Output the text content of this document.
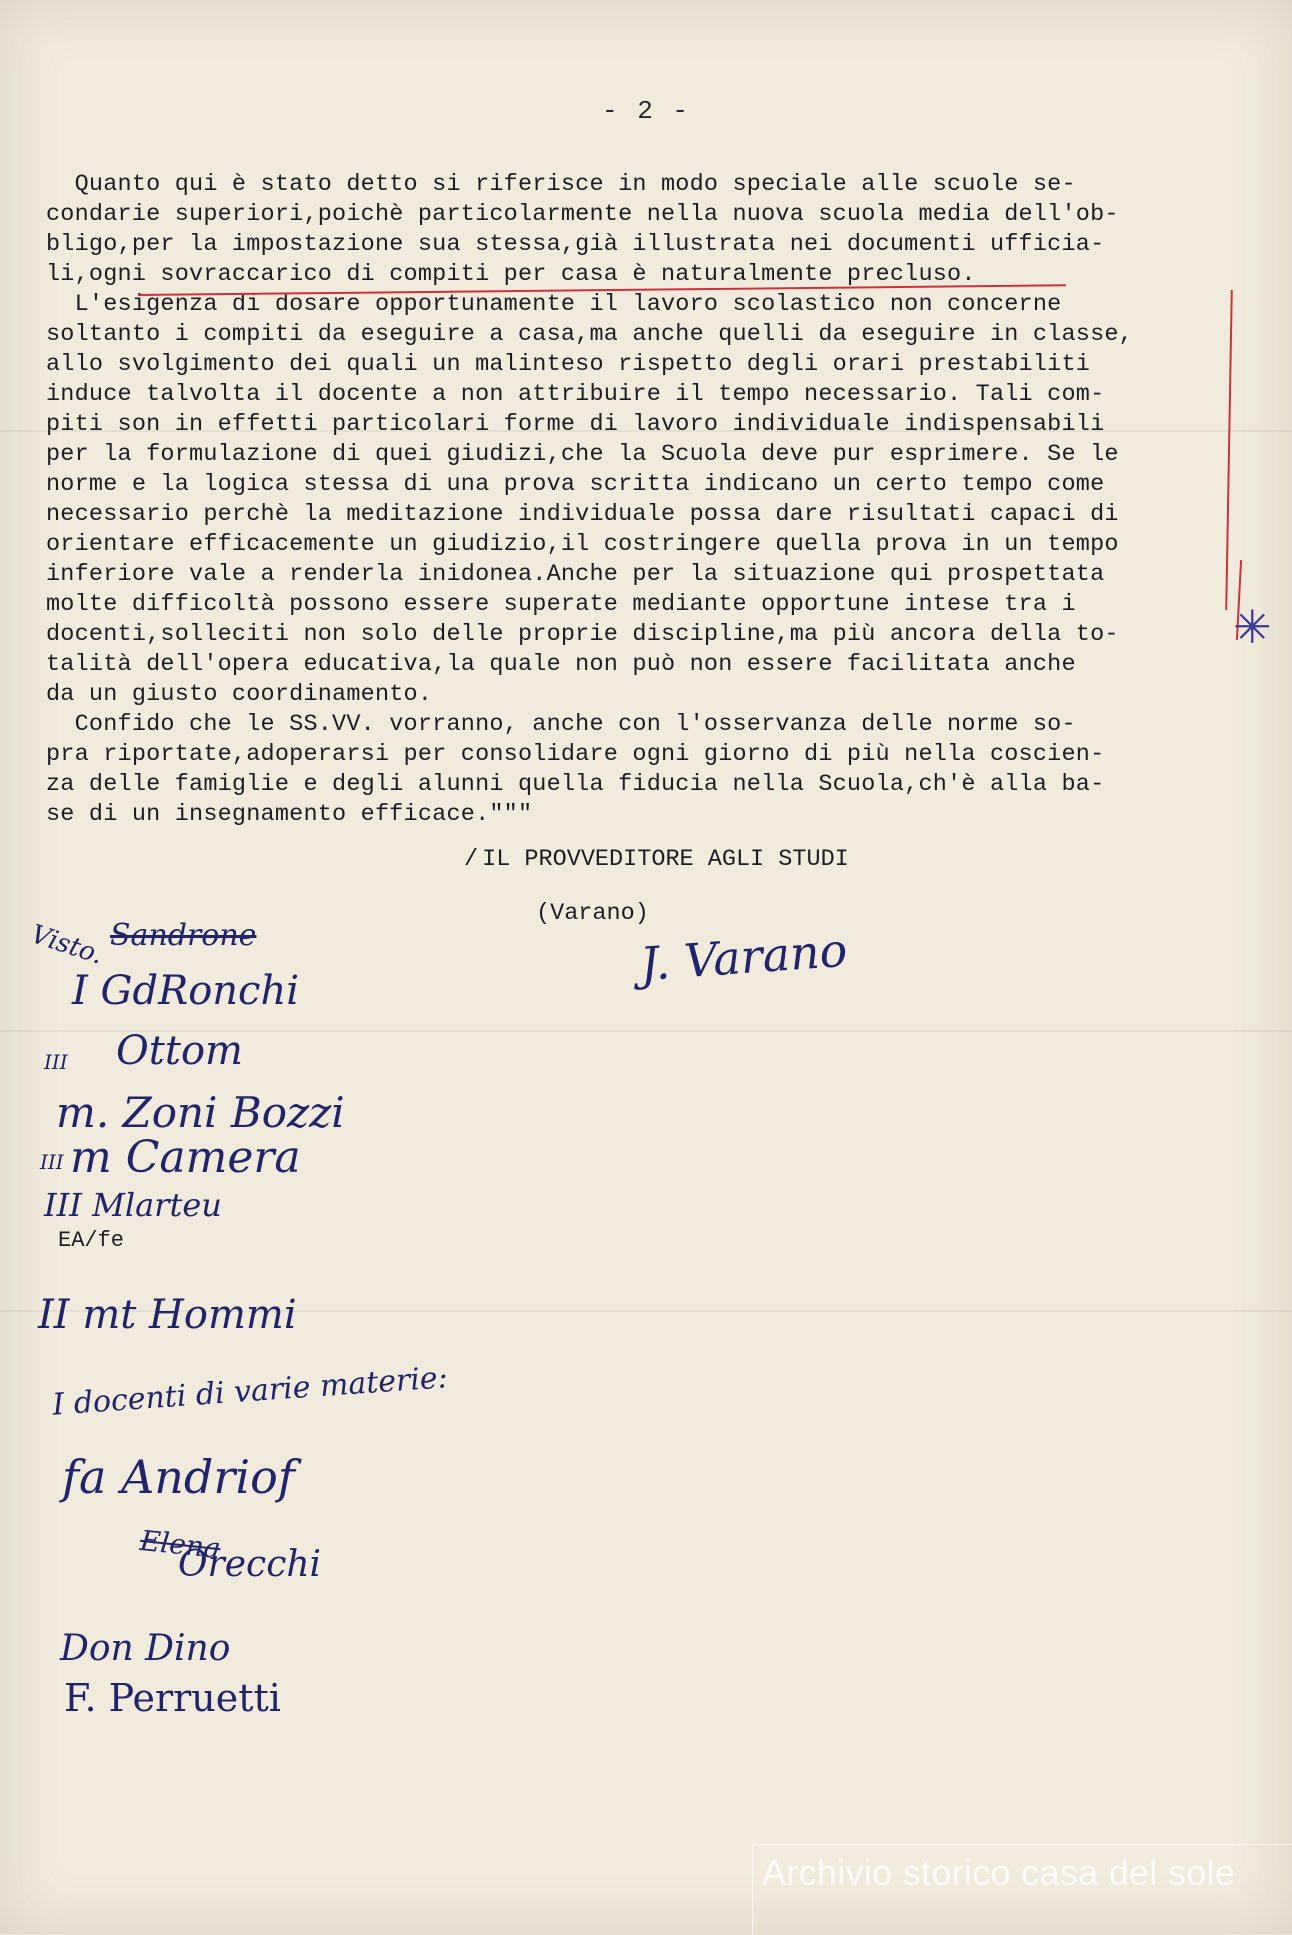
- 2 -
Quanto qui è stato detto si riferisce in modo speciale alle scuole se-
condarie superiori,poichè particolarmente nella nuova scuola media dell'ob-
bligo,per la impostazione sua stessa,già illustrata nei documenti ufficia-
li,ogni sovraccarico di compiti per casa è naturalmente precluso.
L'esigenza di dosare opportunamente il lavoro scolastico non concerne
soltanto i compiti da eseguire a casa,ma anche quelli da eseguire in classe,
allo svolgimento dei quali un malinteso rispetto degli orari prestabiliti
induce talvolta il docente a non attribuire il tempo necessario. Tali com-
piti son in effetti particolari forme di lavoro individuale indispensabili
per la formulazione di quei giudizi,che la Scuola deve pur esprimere. Se le
norme e la logica stessa di una prova scritta indicano un certo tempo come
necessario perchè la meditazione individuale possa dare risultati capaci di
orientare efficacemente un giudizio,il costringere quella prova in un tempo
inferiore vale a renderla inidonea.Anche per la situazione qui prospettata
molte difficoltà possono essere superate mediante opportune intese tra i
docenti,solleciti non solo delle proprie discipline,ma più ancora della to-
talità dell'opera educativa,la quale non può non essere facilitata anche
da un giusto coordinamento.
Confido che le SS.VV. vorranno, anche con l'osservanza delle norme so-
pra riportate,adoperarsi per consolidare ogni giorno di più nella coscien-
za delle famiglie e degli alunni quella fiducia nella Scuola,ch'è alla ba-
se di un insegnamento efficace."""
✳
/ IL PROVVEDITORE AGLI STUDI
(Varano)
J. Varano
Visto. Sandrone
I GdRonchi
Ottom
III
m. Zoni Bozzi
m Camera
III
III Mlarteu
EA/fe
II mt Hommi
I docenti di varie materie:
fa Andriof
Elena
Orecchi
Don Dino
F. Perruetti
Archivio storico casa del sole
